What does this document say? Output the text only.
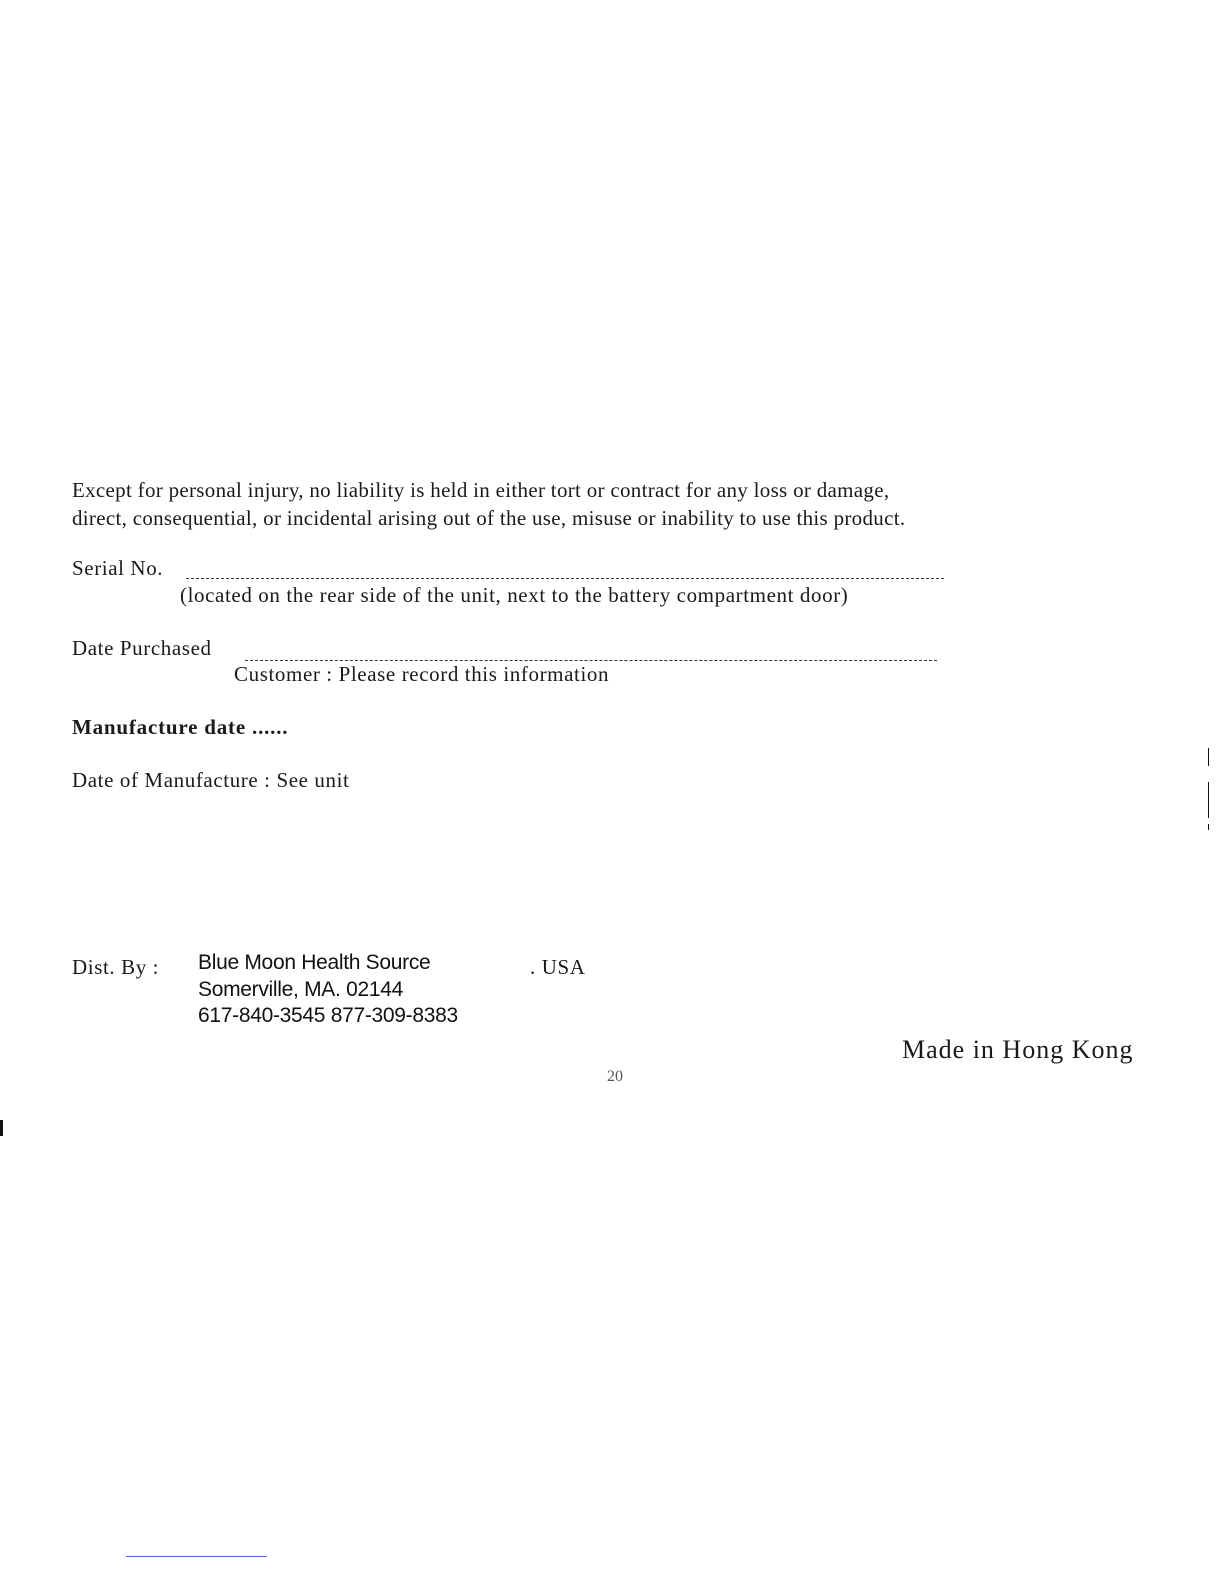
Except for personal injury, no liability is held in either tort or contract for any loss or damage,
direct, consequential, or incidental arising out of the use, misuse or inability to use this product.
Serial No.
(located on the rear side of the unit, next to the battery compartment door)
Date Purchased
Customer : Please record this information
Manufacture date ......
Date of Manufacture : See unit
Dist. By : Blue Moon Health Source	. USA
Somerville, MA. 02144
617-840-3545 877-309-8383
Made in Hong Kong
20
